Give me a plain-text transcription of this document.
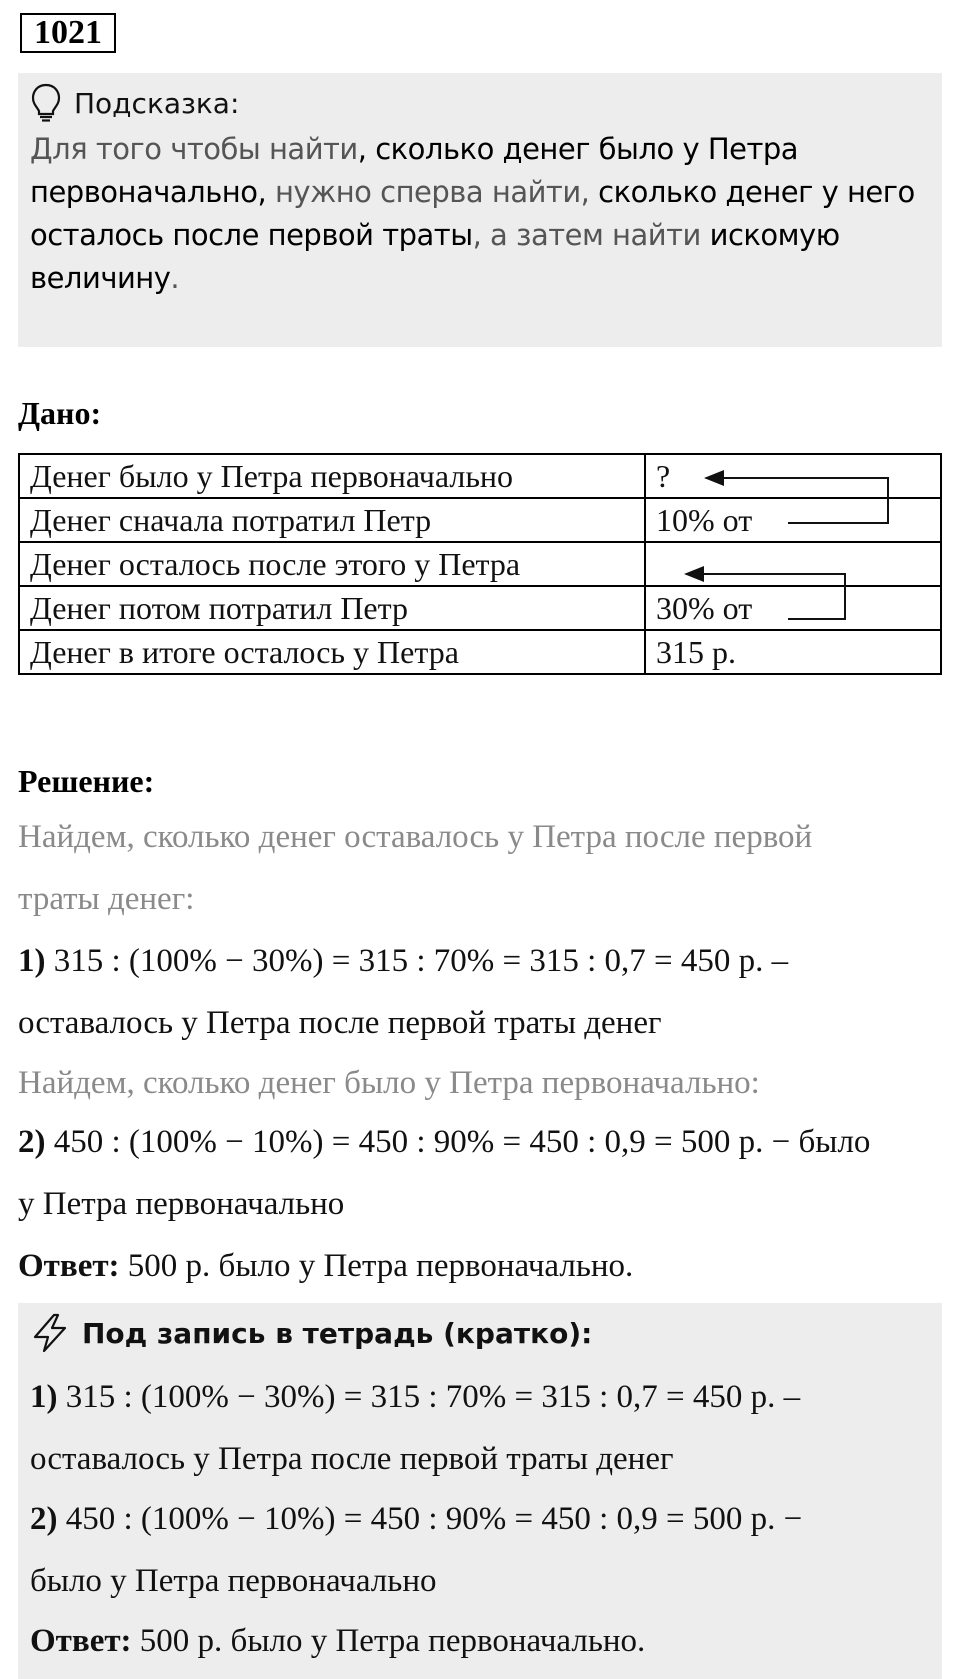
1021
Подсказка:
Для того чтобы найти, сколько денег было у Петра первоначально, нужно сперва найти, сколько денег у него осталось после первой траты, а затем найти искомую величину.
Дано:
Денег было у Петра первоначально	?
Денег сначала потратил Петр	10% от
Денег осталось после этого у Петра	
Денег потом потратил Петр	30% от
Денег в итоге осталось у Петра	315 р.
Решение:
Найдем, сколько денег оставалось у Петра после первой
траты денег:
1) 315 : (100% − 30%) = 315 : 70% = 315 : 0,7 = 450 р. –
оставалось у Петра после первой траты денег
Найдем, сколько денег было у Петра первоначально:
2) 450 : (100% − 10%) = 450 : 90% = 450 : 0,9 = 500 р. − было
у Петра первоначально
Ответ: 500 р. было у Петра первоначально.
Под запись в тетрадь (кратко):
1) 315 : (100% − 30%) = 315 : 70% = 315 : 0,7 = 450 р. –
оставалось у Петра после первой траты денег
2) 450 : (100% − 10%) = 450 : 90% = 450 : 0,9 = 500 р. −
было у Петра первоначально
Ответ: 500 р. было у Петра первоначально.
